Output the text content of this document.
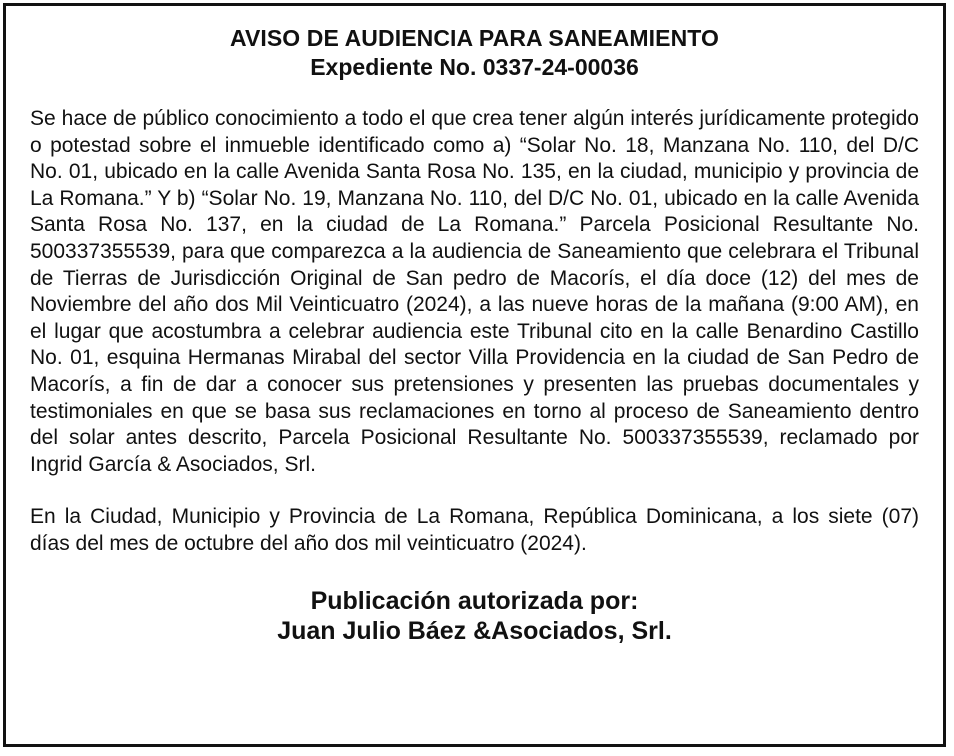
AVISO DE AUDIENCIA PARA SANEAMIENTO
Expediente No. 0337-24-00036

Se hace de público conocimiento a todo el que crea tener algún interés jurídicamente protegido o potestad sobre el inmueble identificado como a) “Solar No. 18, Manzana No. 110, del D/C No. 01, ubicado en la calle Avenida Santa Rosa No. 135, en la ciudad, municipio y provincia de La Romana.” Y b) “Solar No. 19, Manzana No. 110, del D/C No. 01, ubicado en la calle Avenida Santa Rosa No. 137, en la ciudad de La Romana.” Parcela Posicional Resultante No. 500337355539, para que comparezca a la audiencia de Saneamiento que celebrara el Tribunal de Tierras de Jurisdicción Original de San pedro de Macorís, el día doce (12) del mes de Noviembre del año dos Mil Veinticuatro (2024), a las nueve horas de la mañana (9:00 AM), en el lugar que acostumbra a celebrar audiencia este Tribunal cito en la calle Benardino Castillo No. 01, esquina Hermanas Mirabal del sector Villa Providencia en la ciudad de San Pedro de Macorís, a fin de dar a conocer sus pretensiones y presenten las pruebas documentales y testimoniales en que se basa sus reclamaciones en torno al proceso de Saneamiento dentro del solar antes descrito, Parcela Posicional Resultante No. 500337355539, reclamado por Ingrid García & Asociados, Srl.

En la Ciudad, Municipio y Provincia de La Romana, República Dominicana, a los siete (07) días del mes de octubre del año dos mil veinticuatro (2024).

Publicación autorizada por:
Juan Julio Báez &Asociados, Srl.
